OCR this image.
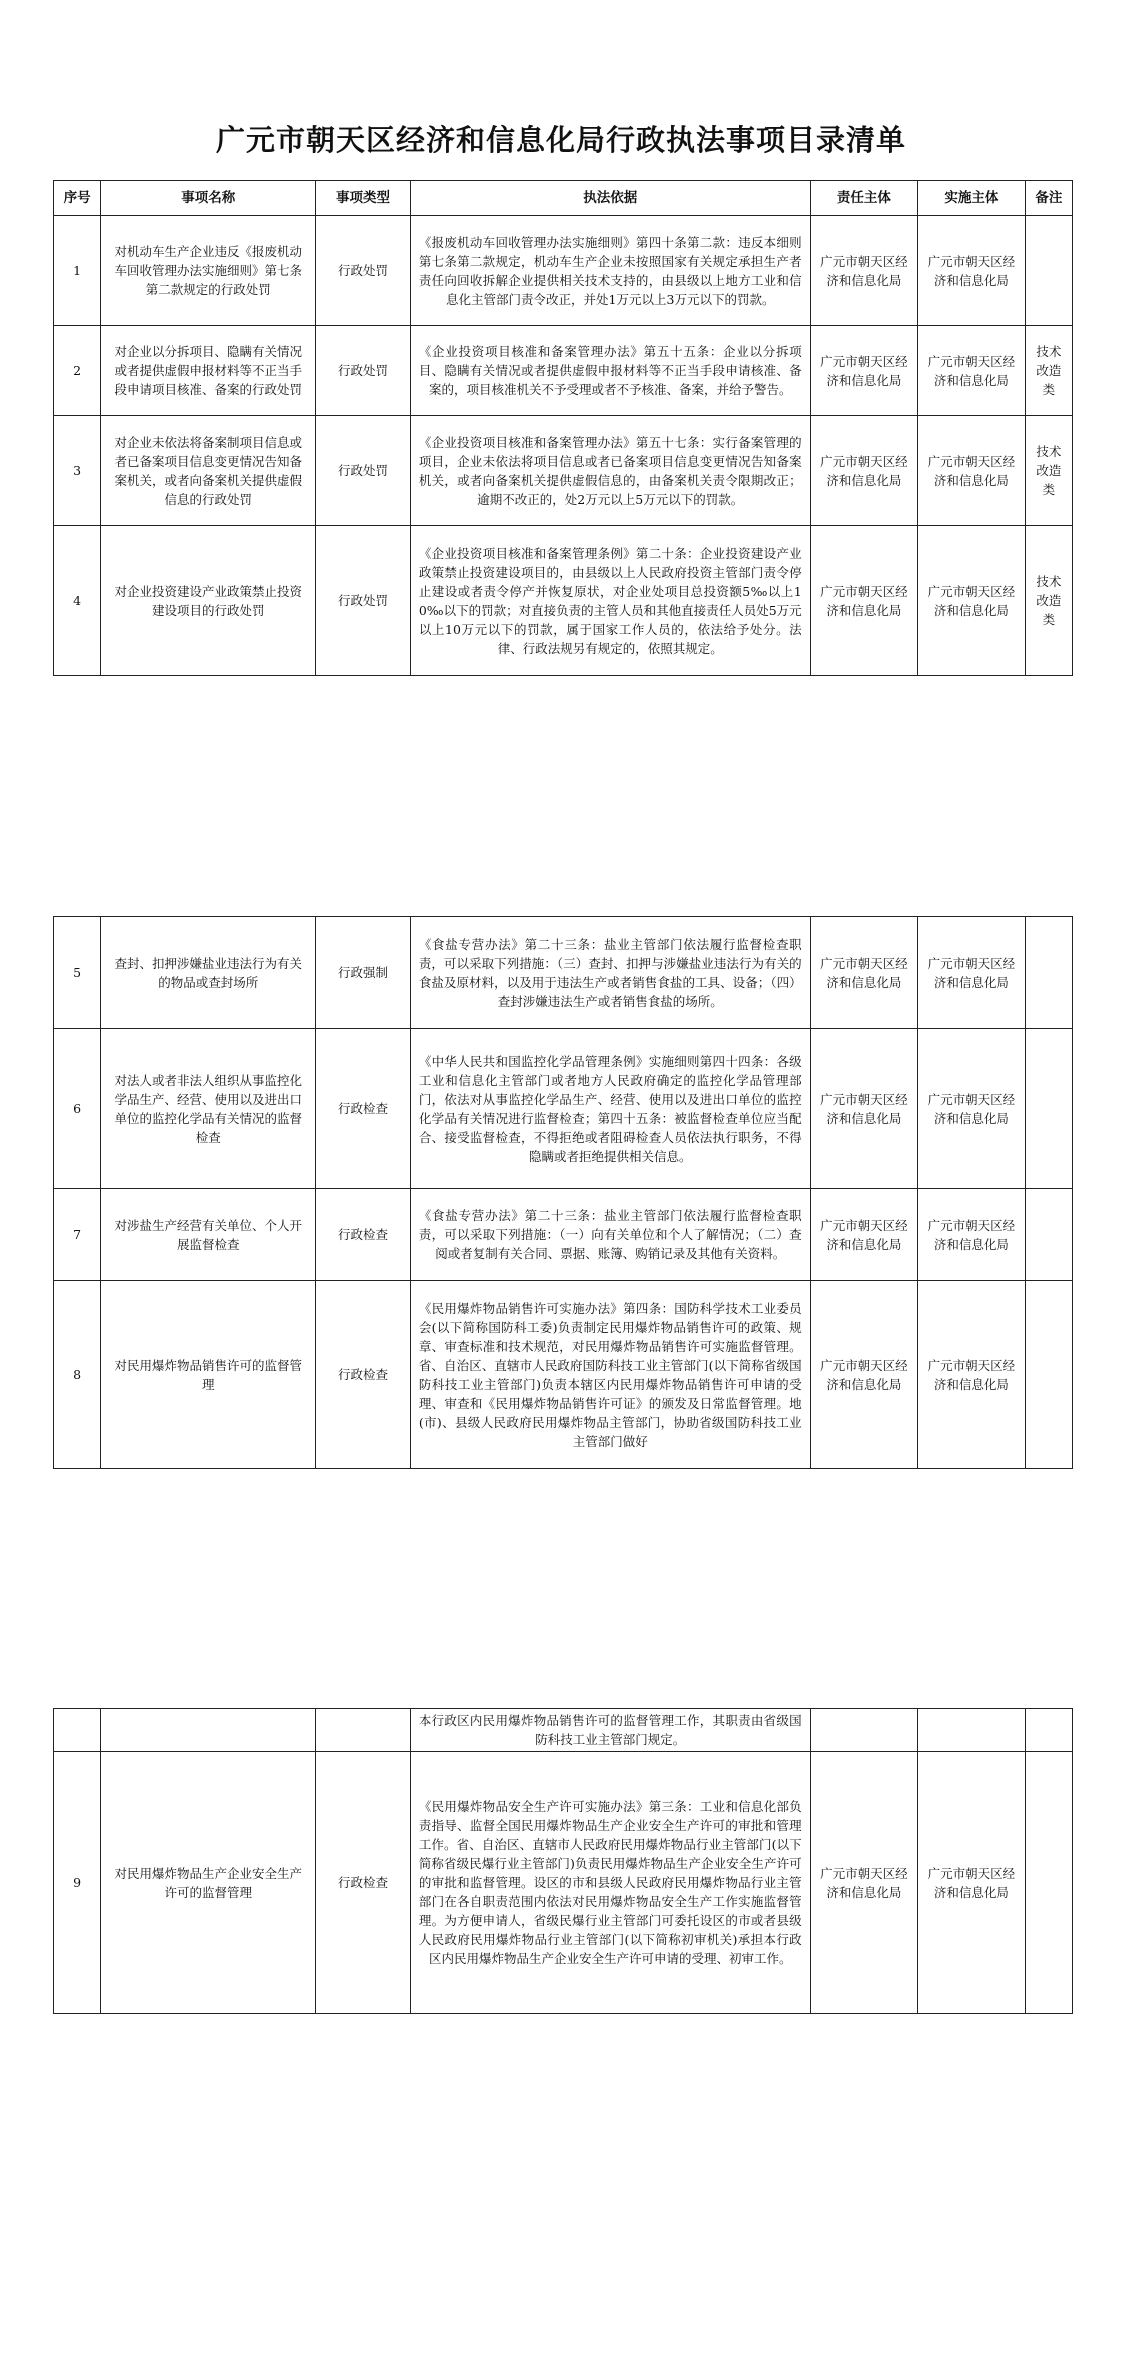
广元市朝天区经济和信息化局行政执法事项目录清单
序号	事项名称	事项类型	执法依据	责任主体	实施主体	备注
1	对机动车生产企业违反《报废机动车回收管理办法实施细则》第七条第二款规定的行政处罚	行政处罚	《报废机动车回收管理办法实施细则》第四十条第二款：违反本细则第七条第二款规定，机动车生产企业未按照国家有关规定承担生产者责任向回收拆解企业提供相关技术支持的，由县级以上地方工业和信息化主管部门责令改正，并处1万元以上3万元以下的罚款。	广元市朝天区经济和信息化局	广元市朝天区经济和信息化局	
2	对企业以分拆项目、隐瞒有关情况或者提供虚假申报材料等不正当手段申请项目核准、备案的行政处罚	行政处罚	《企业投资项目核准和备案管理办法》第五十五条：企业以分拆项目、隐瞒有关情况或者提供虚假申报材料等不正当手段申请核准、备案的，项目核准机关不予受理或者不予核准、备案，并给予警告。	广元市朝天区经济和信息化局	广元市朝天区经济和信息化局	技术改造类
3	对企业未依法将备案制项目信息或者已备案项目信息变更情况告知备案机关，或者向备案机关提供虚假信息的行政处罚	行政处罚	《企业投资项目核准和备案管理办法》第五十七条：实行备案管理的项目，企业未依法将项目信息或者已备案项目信息变更情况告知备案机关，或者向备案机关提供虚假信息的，由备案机关责令限期改正；逾期不改正的，处2万元以上5万元以下的罚款。	广元市朝天区经济和信息化局	广元市朝天区经济和信息化局	技术改造类
4	对企业投资建设产业政策禁止投资建设项目的行政处罚	行政处罚	《企业投资项目核准和备案管理条例》第二十条：企业投资建设产业政策禁止投资建设项目的，由县级以上人民政府投资主管部门责令停止建设或者责令停产并恢复原状，对企业处项目总投资额5‰以上10‰以下的罚款；对直接负责的主管人员和其他直接责任人员处5万元以上10万元以下的罚款，属于国家工作人员的，依法给予处分。法律、行政法规另有规定的，依照其规定。	广元市朝天区经济和信息化局	广元市朝天区经济和信息化局	技术改造类
5	查封、扣押涉嫌盐业违法行为有关的物品或查封场所	行政强制	《食盐专营办法》第二十三条：盐业主管部门依法履行监督检查职责，可以采取下列措施：（三）查封、扣押与涉嫌盐业违法行为有关的食盐及原材料，以及用于违法生产或者销售食盐的工具、设备；（四）查封涉嫌违法生产或者销售食盐的场所。	广元市朝天区经济和信息化局	广元市朝天区经济和信息化局	
6	对法人或者非法人组织从事监控化学品生产、经营、使用以及进出口单位的监控化学品有关情况的监督检查	行政检查	《中华人民共和国监控化学品管理条例》实施细则第四十四条：各级工业和信息化主管部门或者地方人民政府确定的监控化学品管理部门，依法对从事监控化学品生产、经营、使用以及进出口单位的监控化学品有关情况进行监督检查；第四十五条：被监督检查单位应当配合、接受监督检查，不得拒绝或者阻碍检查人员依法执行职务，不得隐瞒或者拒绝提供相关信息。	广元市朝天区经济和信息化局	广元市朝天区经济和信息化局	
7	对涉盐生产经营有关单位、个人开展监督检查	行政检查	《食盐专营办法》第二十三条：盐业主管部门依法履行监督检查职责，可以采取下列措施：（一）向有关单位和个人了解情况；（二）查阅或者复制有关合同、票据、账簿、购销记录及其他有关资料。	广元市朝天区经济和信息化局	广元市朝天区经济和信息化局	
8	对民用爆炸物品销售许可的监督管理	行政检查	《民用爆炸物品销售许可实施办法》第四条：国防科学技术工业委员会(以下简称国防科工委)负责制定民用爆炸物品销售许可的政策、规章、审查标准和技术规范，对民用爆炸物品销售许可实施监督管理。省、自治区、直辖市人民政府国防科技工业主管部门(以下简称省级国防科技工业主管部门)负责本辖区内民用爆炸物品销售许可申请的受理、审查和《民用爆炸物品销售许可证》的颁发及日常监督管理。地(市)、县级人民政府民用爆炸物品主管部门，协助省级国防科技工业主管部门做好	广元市朝天区经济和信息化局	广元市朝天区经济和信息化局	
			本行政区内民用爆炸物品销售许可的监督管理工作，其职责由省级国防科技工业主管部门规定。			
9	对民用爆炸物品生产企业安全生产许可的监督管理	行政检查	《民用爆炸物品安全生产许可实施办法》第三条：工业和信息化部负责指导、监督全国民用爆炸物品生产企业安全生产许可的审批和管理工作。省、自治区、直辖市人民政府民用爆炸物品行业主管部门(以下简称省级民爆行业主管部门)负责民用爆炸物品生产企业安全生产许可的审批和监督管理。设区的市和县级人民政府民用爆炸物品行业主管部门在各自职责范围内依法对民用爆炸物品安全生产工作实施监督管理。为方便申请人，省级民爆行业主管部门可委托设区的市或者县级人民政府民用爆炸物品行业主管部门(以下简称初审机关)承担本行政区内民用爆炸物品生产企业安全生产许可申请的受理、初审工作。	广元市朝天区经济和信息化局	广元市朝天区经济和信息化局	
